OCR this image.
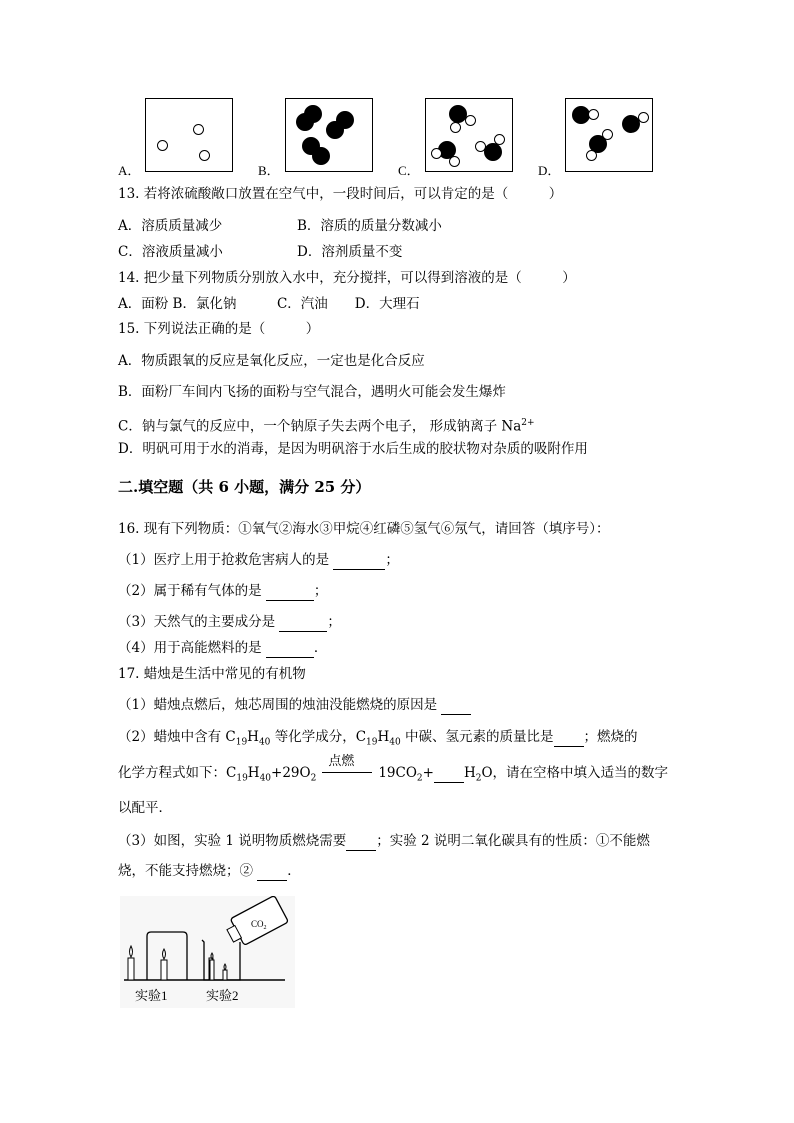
A．	B．	C．	D．
13. 若将浓硫酸敞口放置在空气中，一段时间后，可以肯定的是（　　　）
A．溶质质量减少	B．溶质的质量分数减小
C．溶液质量减小	D．溶剂质量不变
14. 把少量下列物质分别放入水中，充分搅拌，可以得到溶液的是（　　　）
A．面粉 B．氯化钠　　　C．汽油　　D．大理石
15. 下列说法正确的是（　　　）
A．物质跟氧的反应是氧化反应，一定也是化合反应
B．面粉厂车间内飞扬的面粉与空气混合，遇明火可能会发生爆炸
C．钠与氯气的反应中，一个钠原子失去两个电子， 形成钠离子 $Na^{2+}$
D．明矾可用于水的消毒，是因为明矾溶于水后生成的胶状物对杂质的吸附作用
二.填空题（共 6 小题，满分 25 分）
16. 现有下列物质：①氧气②海水③甲烷④红磷⑤氢气⑥氖气，请回答（填序号）：
（1）医疗上用于抢救危害病人的是	；
（2）属于稀有气体的是	；
（3）天然气的主要成分是	；
（4）用于高能燃料的是	．
17. 蜡烛是生活中常见的有机物
（1）蜡烛点燃后，烛芯周围的烛油没能燃烧的原因是
（2）蜡烛中含有 $C_{19}H_{40}$ 等化学成分，$C_{19}H_{40}$ 中碳、氢元素的质量比是 ；燃烧的
化学方程式如下：$C_{19}H_{40}+29O_2$
点燃
$19CO_2+ H_2O$，请在空格中填入适当的数字
以配平．
（3）如图，实验 1 说明物质燃烧需要 ；实验 2 说明二氧化碳具有的性质：①不能燃
烧，不能支持燃烧；②	．
$CO_2$
实验1	实验2
